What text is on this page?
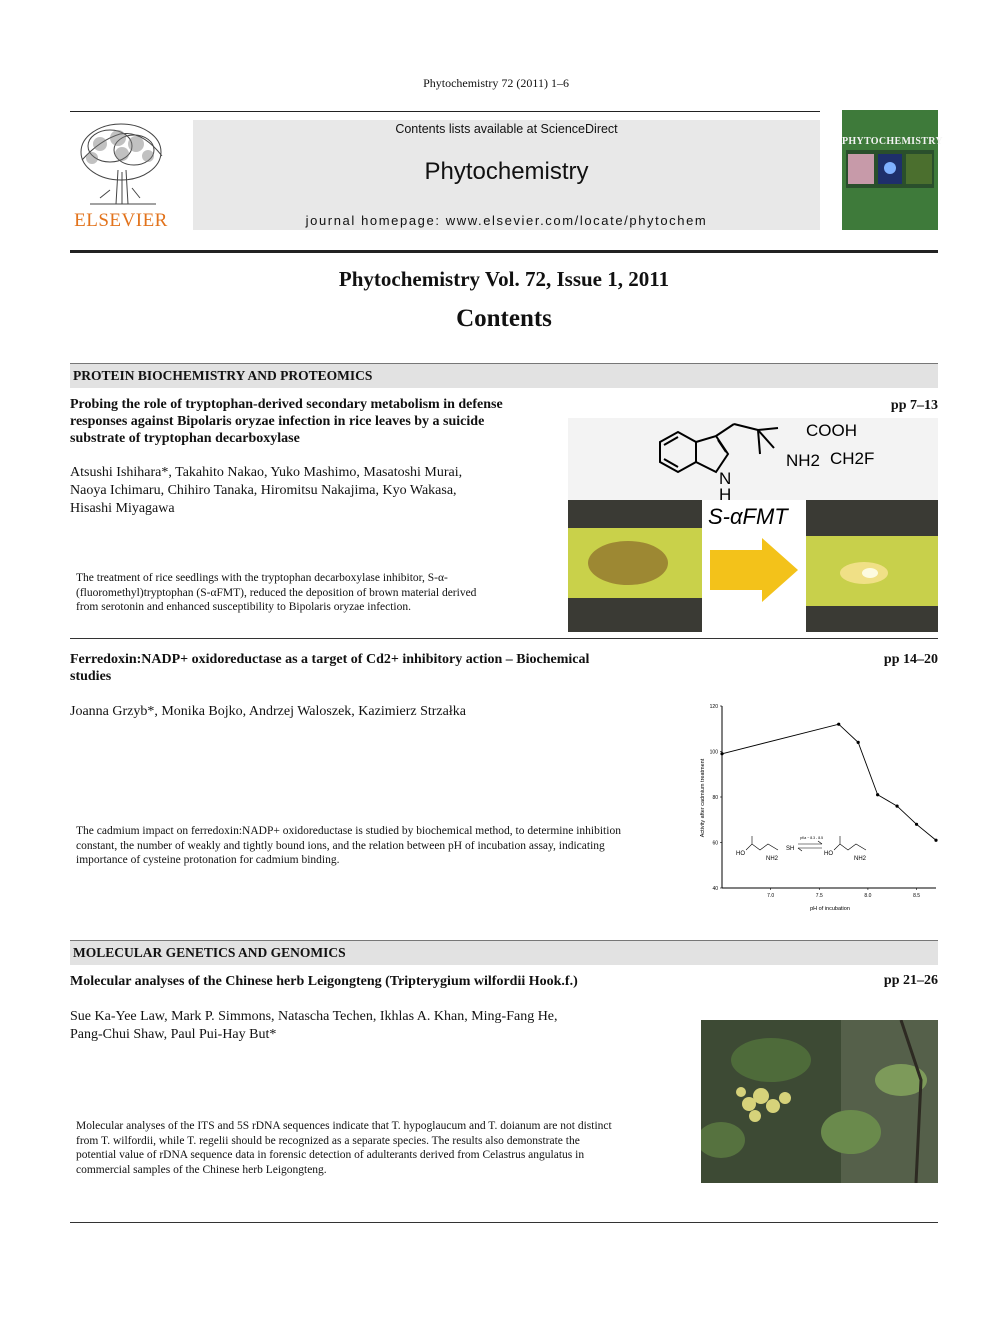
Phytochemistry 72 (2011) 1–6
ELSEVIER
Contents lists available at ScienceDirect
Phytochemistry
journal homepage: www.elsevier.com/locate/phytochem
PHYTOCHEMISTRY
Phytochemistry Vol. 72, Issue 1, 2011
Contents
PROTEIN BIOCHEMISTRY AND PROTEOMICS
Probing the role of tryptophan-derived secondary metabolism in defense
responses against Bipolaris oryzae infection in rice leaves by a suicide
substrate of tryptophan decarboxylase
pp 7–13
Atsushi Ishihara*, Takahito Nakao, Yuko Mashimo, Masatoshi Murai,
Naoya Ichimaru, Chihiro Tanaka, Hiromitsu Nakajima, Kyo Wakasa,
Hisashi Miyagawa
The treatment of rice seedlings with the tryptophan decarboxylase inhibitor, S-α-
(fluoromethyl)tryptophan (S-αFMT), reduced the deposition of brown material derived
from serotonin and enhanced susceptibility to Bipolaris oryzae infection.
COOH
NH2 CH2F
N
H
S-αFMT
Ferredoxin:NADP+ oxidoreductase as a target of Cd2+ inhibitory action – Biochemical
studies
pp 14–20
Joanna Grzyb*, Monika Bojko, Andrzej Waloszek, Kazimierz Strzałka
The cadmium impact on ferredoxin:NADP+ oxidoreductase is studied by biochemical method, to determine inhibition
constant, the number of weakly and tightly bound ions, and the relation between pH of incubation assay, indicating
importance of cysteine protonation for cadmium binding.
40
60
80
100
120
7.0	7.5	8.0	8.5
pH of incubation
Activity after cadmium treatment
HO
NH2
SH
HO
NH2
pKa ~ 8.3 - 8.5
MOLECULAR GENETICS AND GENOMICS
Molecular analyses of the Chinese herb Leigongteng (Tripterygium wilfordii Hook.f.)	pp 21–26
Sue Ka-Yee Law, Mark P. Simmons, Natascha Techen, Ikhlas A. Khan, Ming-Fang He,
Pang-Chui Shaw, Paul Pui-Hay But*
Molecular analyses of the ITS and 5S rDNA sequences indicate that T. hypoglaucum and T. doianum are not distinct
from T. wilfordii, while T. regelii should be recognized as a separate species. The results also demonstrate the
potential value of rDNA sequence data in forensic detection of adulterants derived from Celastrus angulatus in
commercial samples of the Chinese herb Leigongteng.
